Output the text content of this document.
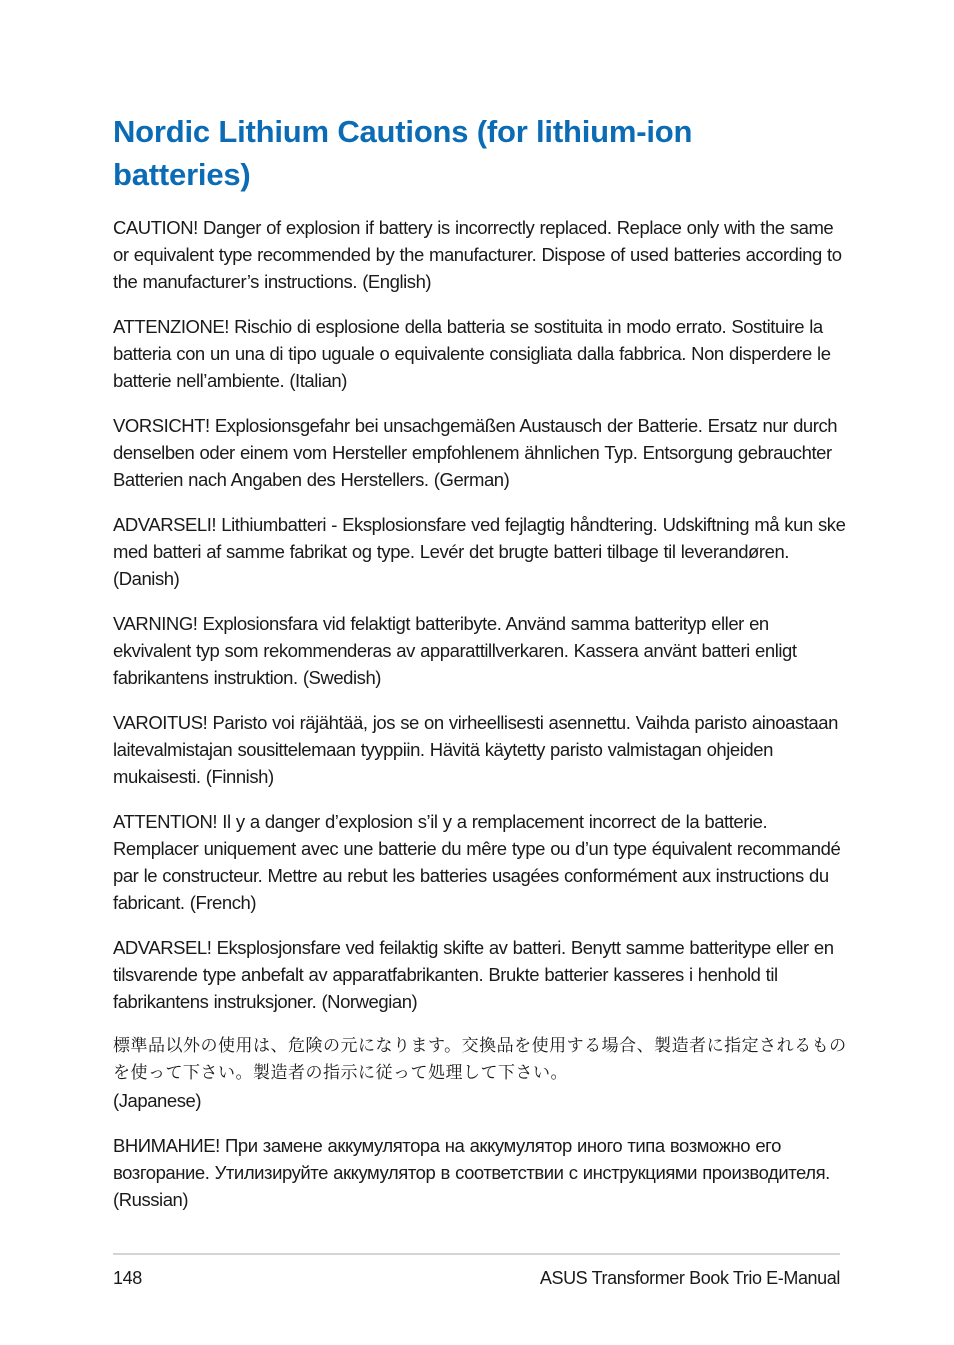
Nordic Lithium Cautions (for lithium-ion batteries)

CAUTION! Danger of explosion if battery is incorrectly replaced. Replace only with the same or equivalent type recommended by the manufacturer. Dispose of used batteries according to the manufacturer’s instructions. (English)

ATTENZIONE! Rischio di esplosione della batteria se sostituita in modo errato. Sostituire la batteria con un una di tipo uguale o equivalente consigliata dalla fabbrica. Non disperdere le batterie nell’ambiente. (Italian)

VORSICHT! Explosionsgefahr bei unsachgemäßen Austausch der Batterie. Ersatz nur durch denselben oder einem vom Hersteller empfohlenem ähnlichen Typ. Entsorgung gebrauchter Batterien nach Angaben des Herstellers. (German)

ADVARSELI! Lithiumbatteri - Eksplosionsfare ved fejlagtig håndtering. Udskiftning må kun ske med batteri af samme fabrikat og type. Levér det brugte batteri tilbage til leverandøren. (Danish)

VARNING! Explosionsfara vid felaktigt batteribyte. Använd samma batterityp eller en ekvivalent typ som rekommenderas av apparattillverkaren. Kassera använt batteri enligt fabrikantens instruktion. (Swedish)

VAROITUS! Paristo voi räjähtää, jos se on virheellisesti asennettu. Vaihda paristo ainoastaan laitevalmistajan sousittelemaan tyyppiin. Hävitä käytetty paristo valmistagan ohjeiden mukaisesti. (Finnish)

ATTENTION! Il y a danger d’explosion s’il y a remplacement incorrect de la batterie. Remplacer uniquement avec une batterie du mêre type ou d’un type équivalent recommandé par le constructeur. Mettre au rebut les batteries usagées conformément aux instructions du fabricant. (French)

ADVARSEL! Eksplosjonsfare ved feilaktig skifte av batteri. Benytt samme batteritype eller en tilsvarende type anbefalt av apparatfabrikanten. Brukte batterier kasseres i henhold til fabrikantens instruksjoner. (Norwegian)

標準品以外の使用は、危険の元になります。交換品を使用する場合、製造者に指定されるものを使って下さい。製造者の指示に従って処理して下さい。
(Japanese)

ВНИМАНИЕ! При замене аккумулятора на аккумулятор иного типа возможно его возгорание. Утилизируйте аккумулятор в соответствии с инструкциями производителя. (Russian)

148	ASUS Transformer Book Trio E-Manual
